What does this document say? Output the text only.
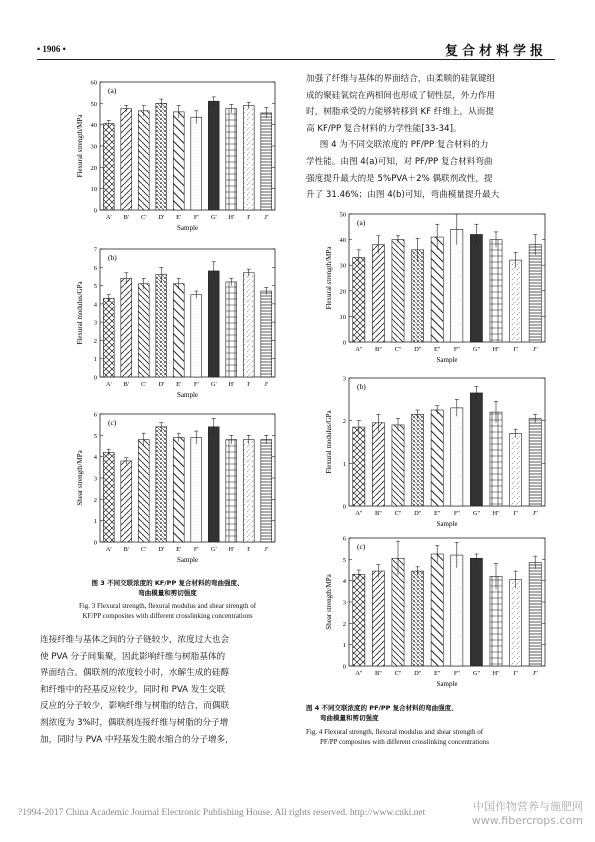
• 1906 •	复合材料学报
0
10
20
30
40
50
60
Flexural strength/MPa
(a)
A' B' C' D' E' F' G' H' I' J'
Sample
0
1
2
3
4
5
6
7
Flexural modulus/GPa
(b)
A' B' C' D' E' F' G' H' I' J'
Sample
0
1
2
3
4
5
6
Shear strength/MPa
(c)
A' B' C' D' E' F' G' H' I' J'
Sample
图 3 不同交联浓度的 KF/PP 复合材料的弯曲强度、
弯曲模量和剪切强度
Fig. 3 Flexural strength, flexural modulus and shear strength of
KF/PP composites with different crosslinking concentrations

连接纤维与基体之间的分子链较少，浓度过大也会

使 PVA 分子间集聚，因此影响纤维与树脂基体的

界面结合。偶联剂的浓度较小时，水解生成的硅醇

和纤维中的羟基反应较少，同时和 PVA 发生交联

反应的分子较少，影响纤维与树脂的结合，而偶联

剂浓度为 3%时，偶联剂连接纤维与树脂的分子增

加，同时与 PVA 中羟基发生脱水缩合的分子增多，

加强了纤维与基体的界面结合，由柔顺的硅氧键组

成的聚硅氧烷在两相间也形成了韧性层，外力作用

时，树脂承受的力能够转移到 KF 纤维上，从而提

高 KF/PP 复合材料的力学性能[33-34]。

图 4 为不同交联浓度的 PF/PP 复合材料的力

学性能。由图 4(a)可知，对 PF/PP 复合材料弯曲

强度提升最大的是 5%PVA＋2% 偶联剂改性，提

升了 31.46%；由图 4(b)可知，弯曲模量提升最大

0
10
20
30
40
50
Flexural strength/MPa
(a)
A'' B'' C'' D'' E'' F'' G'' H'' I'' J''
Sample
0
1
2
3
Flexural modulus/GPa
(b)
A'' B'' C'' D'' E'' F'' G'' H'' I'' J''
Sample
0
1
2
3
4
5
6
Shear strength/MPa
(c)
A'' B'' C'' D'' E'' F'' G'' H'' I'' J''
Sample
图 4 不同交联浓度的 PF/PP 复合材料的弯曲强度、
弯曲模量和剪切强度
Fig. 4 Flexural strength, flexural modulus and shear strength of
PF/PP composites with different crosslinking concentrations
?1994-2017 China Academic Journal Electronic Publishing House. All rights reserved. http://www.cnki.net	中国作物营养与施肥网
www.fibercrops.com
